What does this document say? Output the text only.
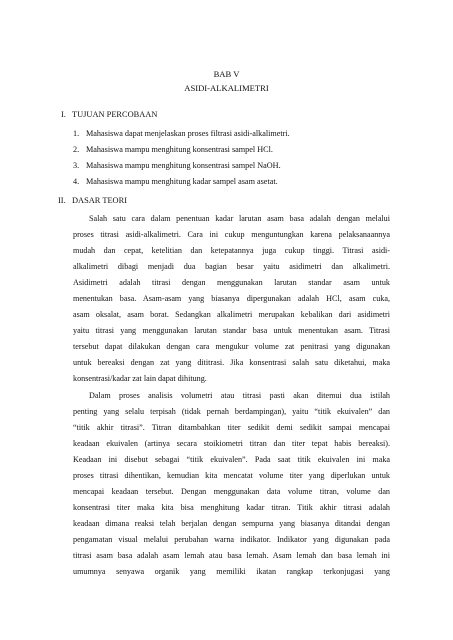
BAB V
ASIDI-ALKALIMETRI
I. TUJUAN PERCOBAAN
1. Mahasiswa dapat menjelaskan proses filtrasi asidi-alkalimetri.
2. Mahasiswa mampu menghitung konsentrasi sampel HCl.
3. Mahasiswa mampu menghitung konsentrasi sampel NaOH.
4. Mahasiswa mampu menghitung kadar sampel asam asetat.
II. DASAR TEORI
Salah satu cara dalam penentuan kadar larutan asam basa adalah dengan melalui
proses titrasi asidi-alkalimetri. Cara ini cukup menguntungkan karena pelaksanaannya
mudah dan cepat, ketelitian dan ketepatannya juga cukup tinggi. Titrasi asidi-
alkalimetri dibagi menjadi dua bagian besar yaitu asidimetri dan alkalimetri.
Asidimetri adalah titrasi dengan menggunakan larutan standar asam untuk
menentukan basa. Asam-asam yang biasanya dipergunakan adalah HCl, asam cuka,
asam oksalat, asam borat. Sedangkan alkalimetri merupakan kebalikan dari asidimetri
yaitu titrasi yang menggunakan larutan standar basa untuk menentukan asam. Titrasi
tersebut dapat dilakukan dengan cara mengukur volume zat penitrasi yang digunakan
untuk bereaksi dengan zat yang dititrasi. Jika konsentrasi salah satu diketahui, maka
konsentrasi/kadar zat lain dapat dihitung.
Dalam proses analisis volumetri atau titrasi pasti akan ditemui dua istilah
penting yang selalu terpisah (tidak pernah berdampingan), yaitu “titik ekuivalen” dan
“titik akhir titrasi”. Titran ditambahkan titer sedikit demi sedikit sampai mencapai
keadaan ekuivalen (artinya secara stoikiometri titran dan titer tepat habis bereaksi).
Keadaan ini disebut sebagai “titik ekuivalen”. Pada saat titik ekuivalen ini maka
proses titrasi dihentikan, kemudian kita mencatat volume titer yang diperlukan untuk
mencapai keadaan tersebut. Dengan menggunakan data volume titran, volume dan
konsentrasi titer maka kita bisa menghitung kadar titran. Titik akhir titrasi adalah
keadaan dimana reaksi telah berjalan dengan sempurna yang biasanya ditandai dengan
pengamatan visual melalui perubahan warna indikator. Indikator yang digunakan pada
titrasi asam basa adalah asam lemah atau basa lemah. Asam lemah dan basa lemah ini
umumnya senyawa organik yang memiliki ikatan rangkap terkonjugasi yang
